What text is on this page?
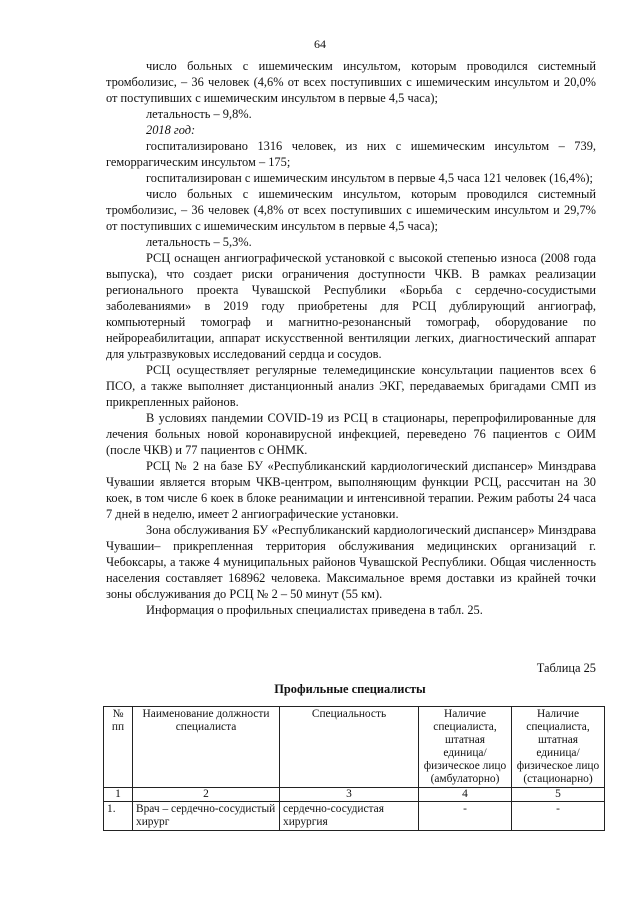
64

число больных с ишемическим инсультом, которым проводился системный тромболизис, – 36 человек (4,6% от всех поступивших с ишемическим инсультом и 20,0% от поступивших с ишемическим инсультом в первые 4,5 часа);

летальность – 9,8%.

2018 год:

госпитализировано 1316 человек, из них с ишемическим инсультом – 739, геморрагическим инсультом – 175;

госпитализирован с ишемическим инсультом в первые 4,5 часа 121 человек (16,4%);

число больных с ишемическим инсультом, которым проводился системный тромболизис, – 36 человек (4,8% от всех поступивших с ишемическим инсультом и 29,7% от поступивших с ишемическим инсультом в первые 4,5 часа);

летальность – 5,3%.

РСЦ оснащен ангиографической установкой с высокой степенью износа (2008 года выпуска), что создает риски ограничения доступности ЧКВ. В рамках реализации регионального проекта Чувашской Республики «Борьба с сердечно-сосудистыми заболеваниями» в 2019 году приобретены для РСЦ дублирующий ангиограф, компьютерный томограф и магнитно-резонансный томограф, оборудование по нейрореабилитации, аппарат искусственной вентиляции легких, диагностический аппарат для ультразвуковых исследований сердца и сосудов.

РСЦ осуществляет регулярные телемедицинские консультации пациентов всех 6 ПСО, а также выполняет дистанционный анализ ЭКГ, передаваемых бригадами СМП из прикрепленных районов.

В условиях пандемии COVID-19 из РСЦ в стационары, перепрофилированные для лечения больных новой коронавирусной инфекцией, переведено 76 пациентов с ОИМ (после ЧКВ) и 77 пациентов с ОНМК.

РСЦ № 2 на базе БУ «Республиканский кардиологический диспансер» Минздрава Чувашии является вторым ЧКВ-центром, выполняющим функции РСЦ, рассчитан на 30 коек, в том числе 6 коек в блоке реанимации и интенсивной терапии. Режим работы 24 часа 7 дней в неделю, имеет 2 ангиографические установки.

Зона обслуживания БУ «Республиканский кардиологический диспансер» Минздрава Чувашии– прикрепленная территория обслуживания медицинских организаций г. Чебоксары, а также 4 муниципальных районов Чувашской Республики. Общая численность населения составляет 168962 человека. Максимальное время доставки из крайней точки зоны обслуживания до РСЦ № 2 – 50 минут (55 км).

Информация о профильных специалистах приведена в табл. 25.

Таблица 25
Профильные специалисты
№ пп	Наименование должности специалиста	Специальность	Наличие специалиста, штатная единица/физическое лицо (амбулаторно)	Наличие специалиста, штатная единица/физическое лицо (стационарно)
1	2	3	4	5
1.	Врач – сердечно-сосудистый хирург	сердечно-сосудистая хирургия	-	-
